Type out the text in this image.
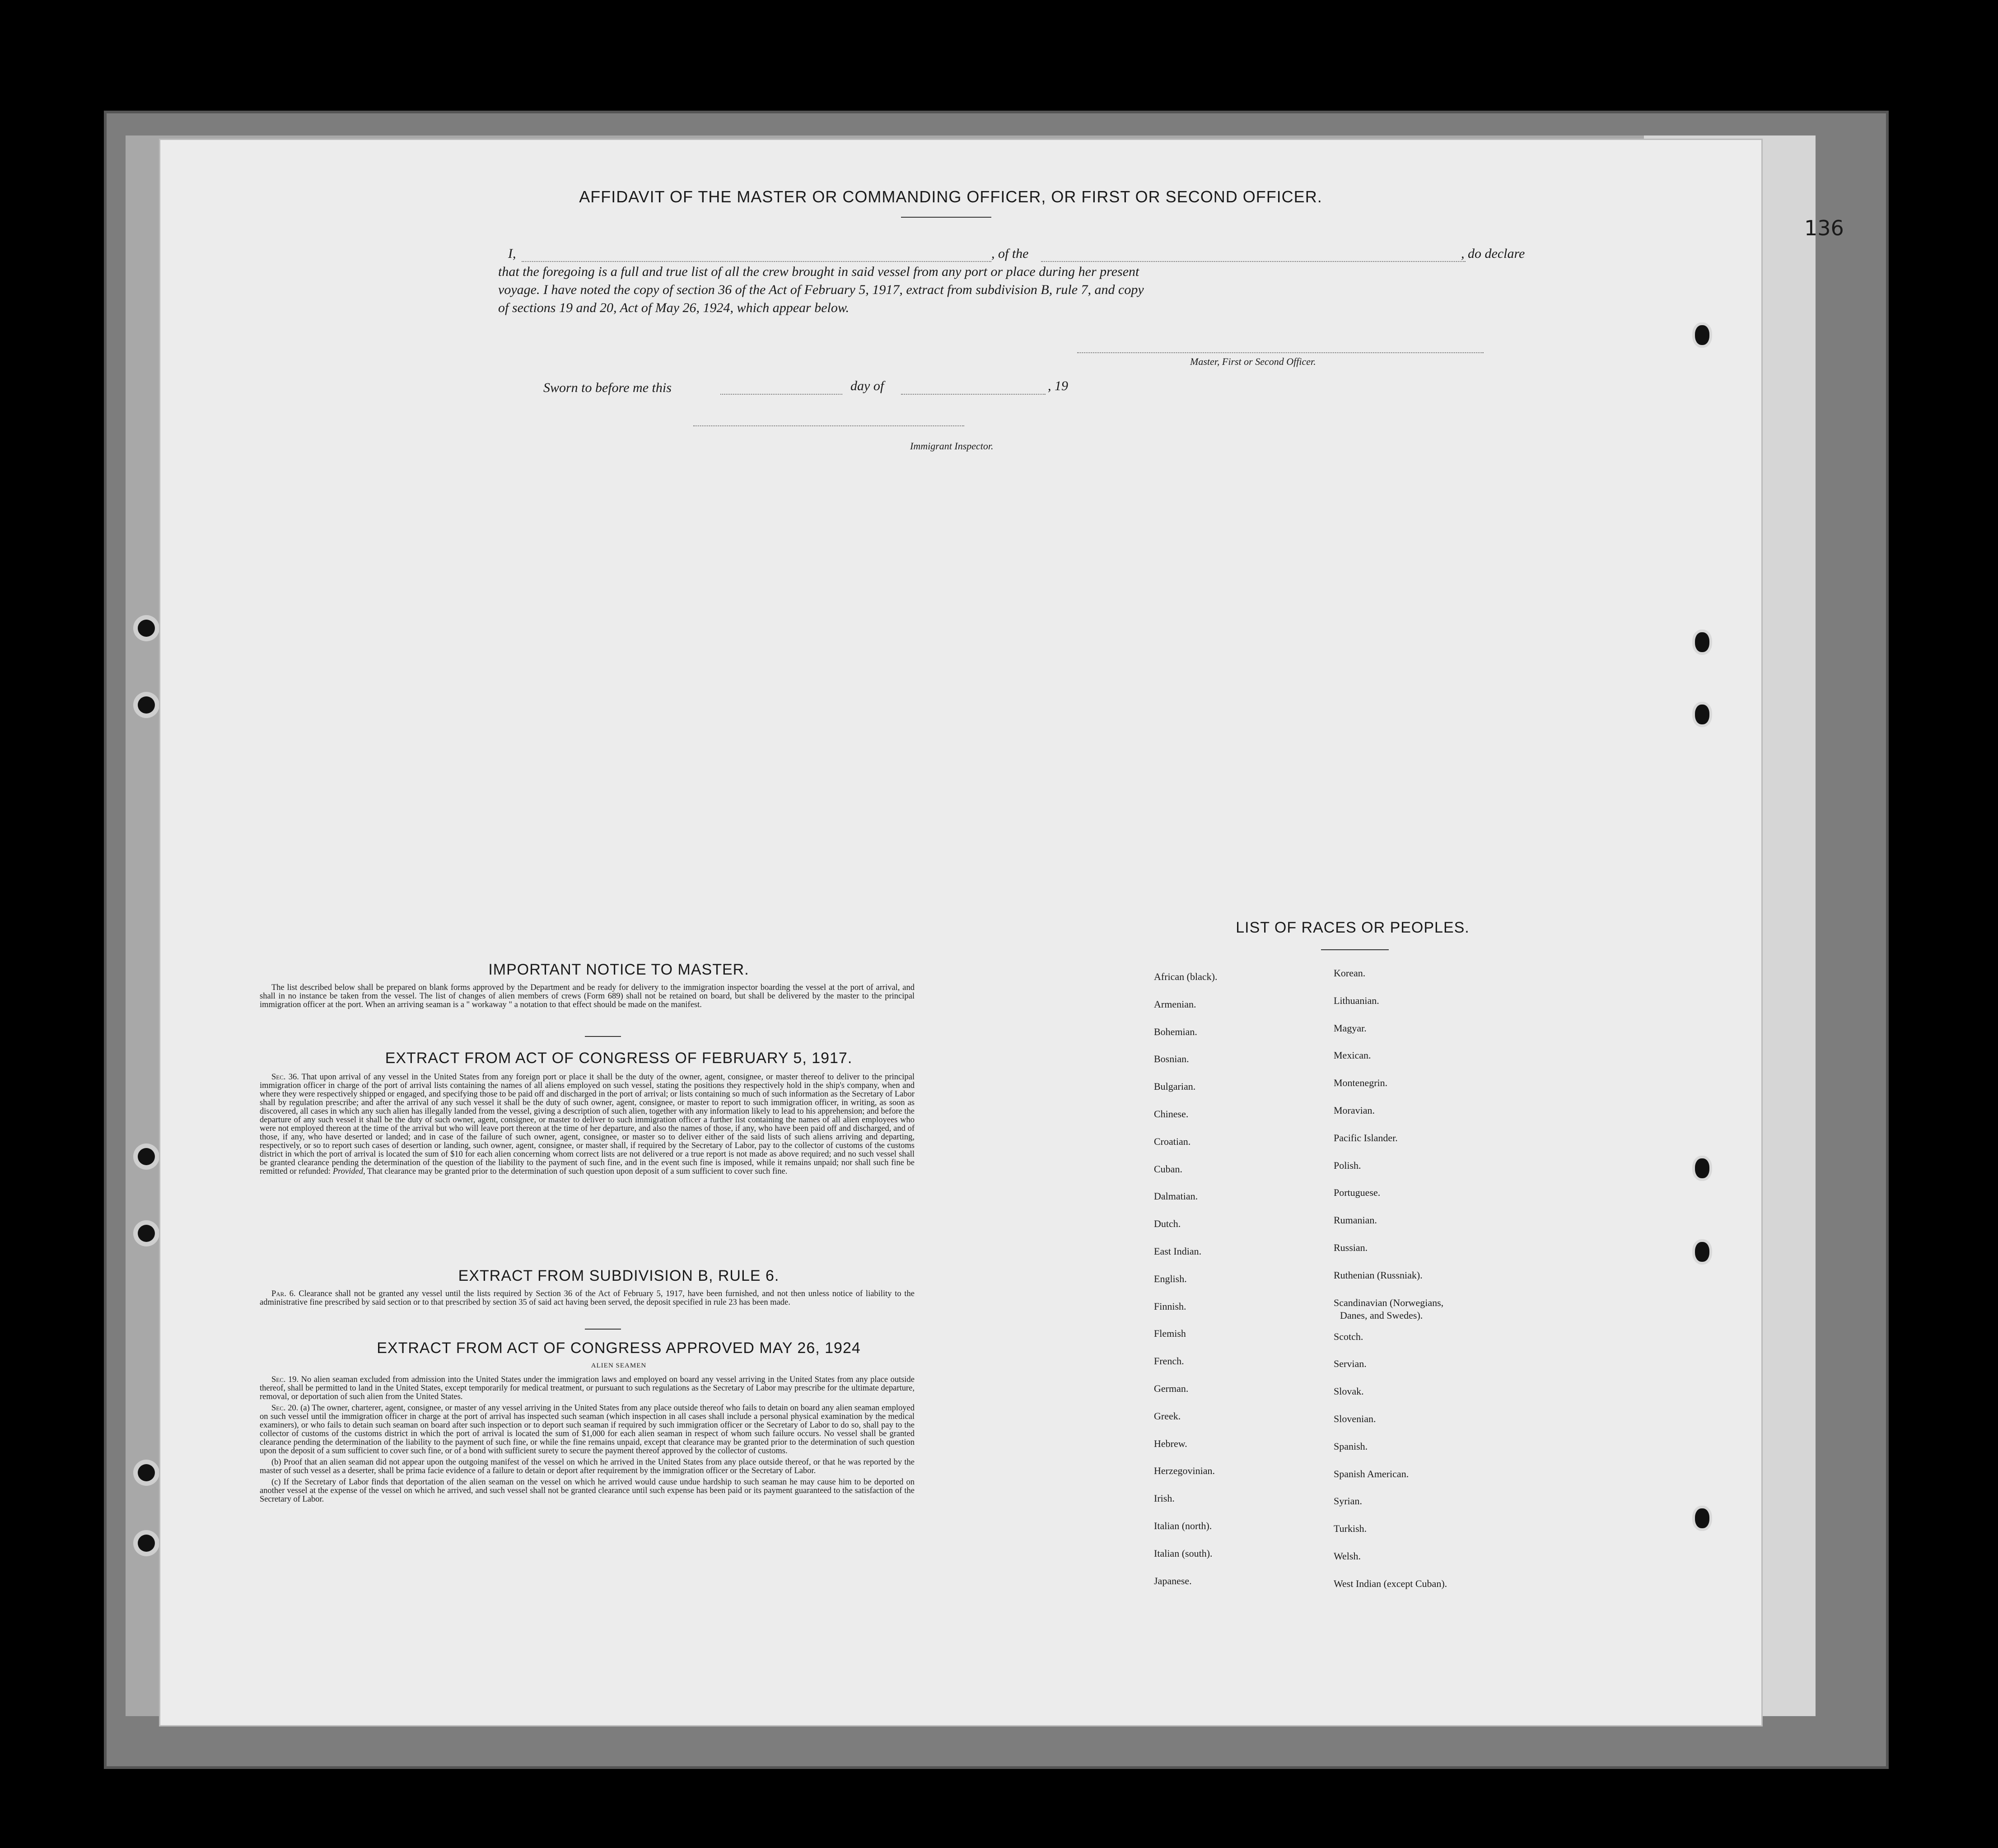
136
AFFIDAVIT OF THE MASTER OR COMMANDING OFFICER, OR FIRST OR SECOND OFFICER.
I,	, of the	, do declare
that the foregoing is a full and true list of all the crew brought in said vessel from any port or place during her present
voyage. I have noted the copy of section 36 of the Act of February 5, 1917, extract from subdivision B, rule 7, and copy
of sections 19 and 20, Act of May 26, 1924, which appear below.
Master, First or Second Officer.
Sworn to before me this	day of	, 19
Immigrant Inspector.
IMPORTANT NOTICE TO MASTER.

The list described below shall be prepared on blank forms approved by the Department and be ready for delivery to the immigration inspector boarding the vessel at the port of arrival, and shall in no instance be taken from the vessel. The list of changes of alien members of crews (Form 689) shall not be retained on board, but shall be delivered by the master to the principal immigration officer at the port. When an arriving seaman is a " workaway " a notation to that effect should be made on the manifest.

EXTRACT FROM ACT OF CONGRESS OF FEBRUARY 5, 1917.

Sec. 36. That upon arrival of any vessel in the United States from any foreign port or place it shall be the duty of the owner, agent, consignee, or master thereof to deliver to the principal immigration officer in charge of the port of arrival lists containing the names of all aliens employed on such vessel, stating the positions they respectively hold in the ship's company, when and where they were respectively shipped or engaged, and specifying those to be paid off and discharged in the port of arrival; or lists containing so much of such information as the Secretary of Labor shall by regulation prescribe; and after the arrival of any such vessel it shall be the duty of such owner, agent, consignee, or master to report to such immigration officer, in writing, as soon as discovered, all cases in which any such alien has illegally landed from the vessel, giving a description of such alien, together with any information likely to lead to his apprehension; and before the departure of any such vessel it shall be the duty of such owner, agent, consignee, or master to deliver to such immigration officer a further list containing the names of all alien employees who were not employed thereon at the time of the arrival but who will leave port thereon at the time of her departure, and also the names of those, if any, who have been paid off and discharged, and of those, if any, who have deserted or landed; and in case of the failure of such owner, agent, consignee, or master so to deliver either of the said lists of such aliens arriving and departing, respectively, or so to report such cases of desertion or landing, such owner, agent, consignee, or master shall, if required by the Secretary of Labor, pay to the collector of customs of the customs district in which the port of arrival is located the sum of $10 for each alien concerning whom correct lists are not delivered or a true report is not made as above required; and no such vessel shall be granted clearance pending the determination of the question of the liability to the payment of such fine, and in the event such fine is imposed, while it remains unpaid; nor shall such fine be remitted or refunded: Provided, That clearance may be granted prior to the determination of such question upon deposit of a sum sufficient to cover such fine.

EXTRACT FROM SUBDIVISION B, RULE 6.

Par. 6. Clearance shall not be granted any vessel until the lists required by Section 36 of the Act of February 5, 1917, have been furnished, and not then unless notice of liability to the administrative fine prescribed by said section or to that prescribed by section 35 of said act having been served, the deposit specified in rule 23 has been made.

EXTRACT FROM ACT OF CONGRESS APPROVED MAY 26, 1924
ALIEN SEAMEN

Sec. 19. No alien seaman excluded from admission into the United States under the immigration laws and employed on board any vessel arriving in the United States from any place outside thereof, shall be permitted to land in the United States, except temporarily for medical treatment, or pursuant to such regulations as the Secretary of Labor may prescribe for the ultimate departure, removal, or deportation of such alien from the United States.

Sec. 20. (a) The owner, charterer, agent, consignee, or master of any vessel arriving in the United States from any place outside thereof who fails to detain on board any alien seaman employed on such vessel until the immigration officer in charge at the port of arrival has inspected such seaman (which inspection in all cases shall include a personal physical examination by the medical examiners), or who fails to detain such seaman on board after such inspection or to deport such seaman if required by such immigration officer or the Secretary of Labor to do so, shall pay to the collector of customs of the customs district in which the port of arrival is located the sum of $1,000 for each alien seaman in respect of whom such failure occurs. No vessel shall be granted clearance pending the determination of the liability to the payment of such fine, or while the fine remains unpaid, except that clearance may be granted prior to the determination of such question upon the deposit of a sum sufficient to cover such fine, or of a bond with sufficient surety to secure the payment thereof approved by the collector of customs.

(b) Proof that an alien seaman did not appear upon the outgoing manifest of the vessel on which he arrived in the United States from any place outside thereof, or that he was reported by the master of such vessel as a deserter, shall be prima facie evidence of a failure to detain or deport after requirement by the immigration officer or the Secretary of Labor.

(c) If the Secretary of Labor finds that deportation of the alien seaman on the vessel on which he arrived would cause undue hardship to such seaman he may cause him to be deported on another vessel at the expense of the vessel on which he arrived, and such vessel shall not be granted clearance until such expense has been paid or its payment guaranteed to the satisfaction of the Secretary of Labor.

LIST OF RACES OR PEOPLES.
African (black).
Armenian.
Bohemian.
Bosnian.
Bulgarian.
Chinese.
Croatian.
Cuban.
Dalmatian.
Dutch.
East Indian.
English.
Finnish.
Flemish
French.
German.
Greek.
Hebrew.
Herzegovinian.
Irish.
Italian (north).
Italian (south).
Japanese.
Korean.
Lithuanian.
Magyar.
Mexican.
Montenegrin.
Moravian.
Pacific Islander.
Polish.
Portuguese.
Rumanian.
Russian.
Ruthenian (Russniak).
Scandinavian (Norwegians,
Danes, and Swedes).
Scotch.
Servian.
Slovak.
Slovenian.
Spanish.
Spanish American.
Syrian.
Turkish.
Welsh.
West Indian (except Cuban).
